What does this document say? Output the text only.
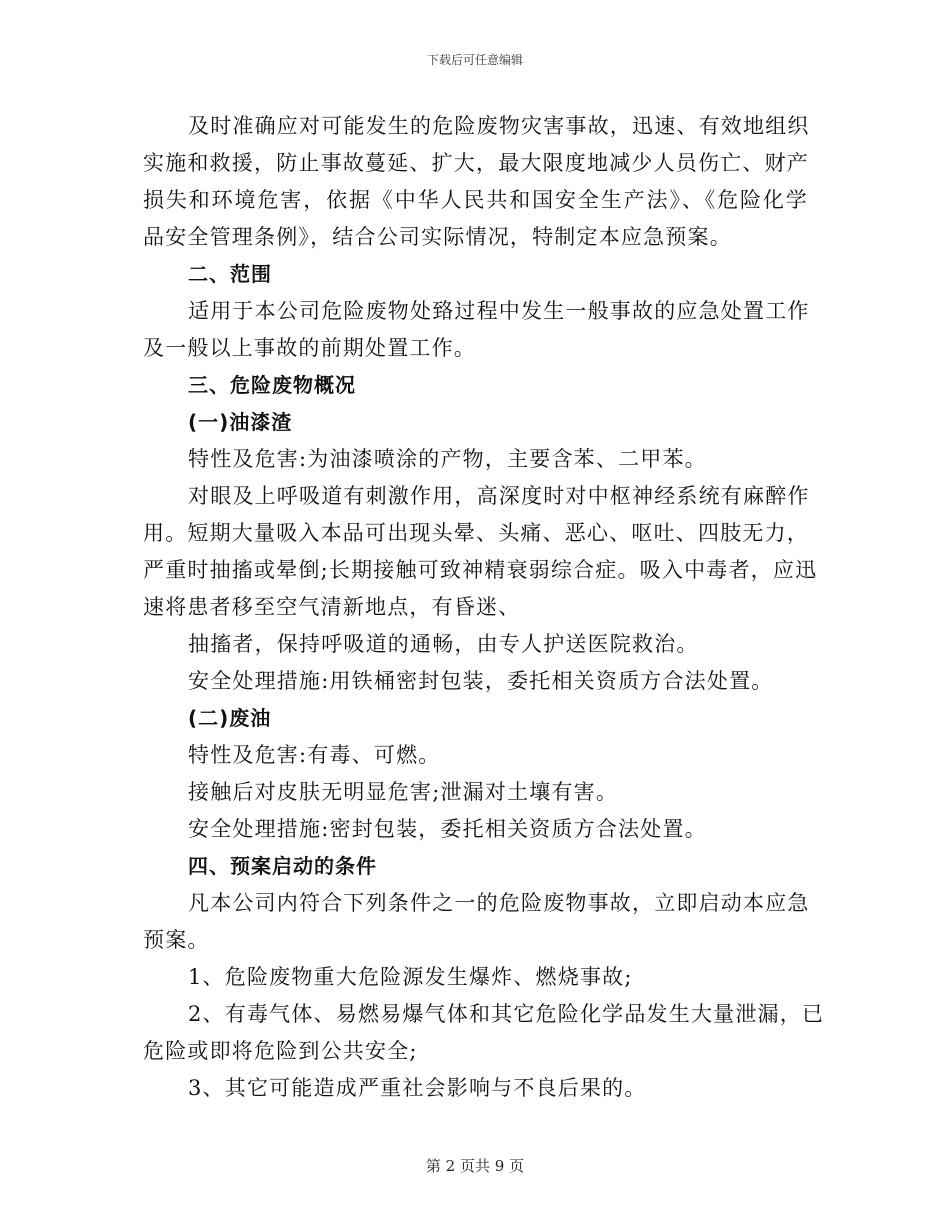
下载后可任意编辑
及时准确应对可能发生的危险废物灾害事故，迅速、有效地组织
实施和救援，防止事故蔓延、扩大，最大限度地减少人员伤亡、财产
损失和环境危害，依据《中华人民共和国安全生产法》、《危险化学
品安全管理条例》，结合公司实际情况，特制定本应急预案。
二、范围
适用于本公司危险废物处臵过程中发生一般事故的应急处置工作
及一般以上事故的前期处置工作。
三、危险废物概况
(一)油漆渣
特性及危害:为油漆喷涂的产物，主要含苯、二甲苯。
对眼及上呼吸道有刺激作用，高深度时对中枢神经系统有麻醉作
用。短期大量吸入本品可出现头晕、头痛、恶心、呕吐、四肢无力，
严重时抽搐或晕倒;长期接触可致神精衰弱综合症。吸入中毒者，应迅
速将患者移至空气清新地点，有昏迷、
抽搐者，保持呼吸道的通畅，由专人护送医院救治。
安全处理措施:用铁桶密封包装，委托相关资质方合法处置。
(二)废油
特性及危害:有毒、可燃。
接触后对皮肤无明显危害;泄漏对土壤有害。
安全处理措施:密封包装，委托相关资质方合法处置。
四、预案启动的条件
凡本公司内符合下列条件之一的危险废物事故，立即启动本应急
预案。
1、危险废物重大危险源发生爆炸、燃烧事故;
2、有毒气体、易燃易爆气体和其它危险化学品发生大量泄漏，已
危险或即将危险到公共安全;
3、其它可能造成严重社会影响与不良后果的。
第 2 页共 9 页
